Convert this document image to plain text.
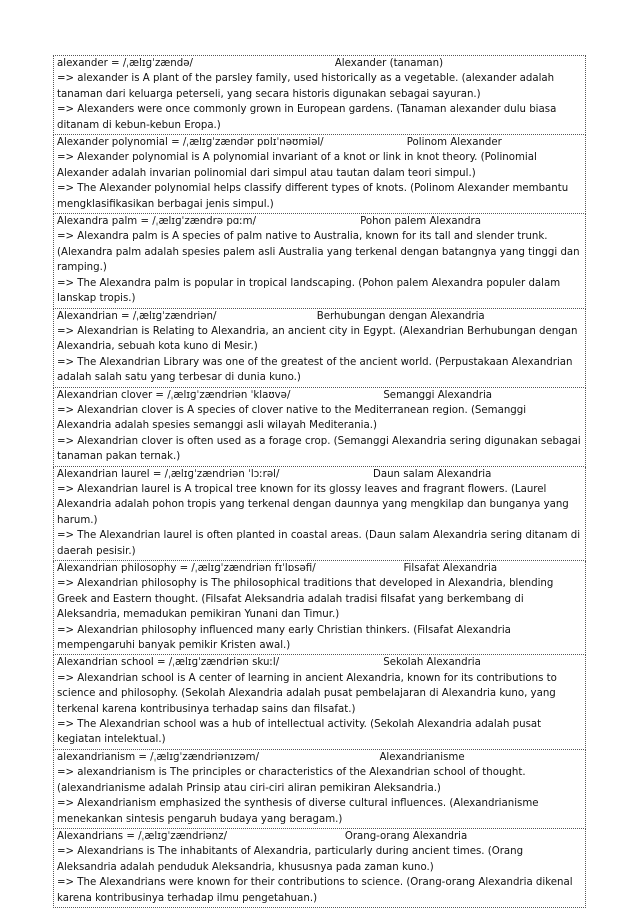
alexander = /ˌælɪɡˈzændə/	Alexander (tanaman)

=> alexander is A plant of the parsley family, used historically as a vegetable. (alexander adalah tanaman dari keluarga peterseli, yang secara historis digunakan sebagai sayuran.)

=> Alexanders were once commonly grown in European gardens. (Tanaman alexander dulu biasa ditanam di kebun-kebun Eropa.)

Alexander polynomial = /ˌælɪɡˈzændər pɒlɪˈnəʊmiəl/	Polinom Alexander

=> Alexander polynomial is A polynomial invariant of a knot or link in knot theory. (Polinomial Alexander adalah invarian polinomial dari simpul atau tautan dalam teori simpul.)

=> The Alexander polynomial helps classify different types of knots. (Polinom Alexander membantu mengklasifikasikan berbagai jenis simpul.)

Alexandra palm = /ˌælɪɡˈzændrə pɑːm/	Pohon palem Alexandra

=> Alexandra palm is A species of palm native to Australia, known for its tall and slender trunk. (Alexandra palm adalah spesies palem asli Australia yang terkenal dengan batangnya yang tinggi dan ramping.)

=> The Alexandra palm is popular in tropical landscaping. (Pohon palem Alexandra populer dalam lanskap tropis.)

Alexandrian = /ˌælɪɡˈzændriən/	Berhubungan dengan Alexandria

=> Alexandrian is Relating to Alexandria, an ancient city in Egypt. (Alexandrian Berhubungan dengan Alexandria, sebuah kota kuno di Mesir.)

=> The Alexandrian Library was one of the greatest of the ancient world. (Perpustakaan Alexandrian adalah salah satu yang terbesar di dunia kuno.)

Alexandrian clover = /ˌælɪɡˈzændriən ˈklaʊvə/	Semanggi Alexandria

=> Alexandrian clover is A species of clover native to the Mediterranean region. (Semanggi Alexandria adalah spesies semanggi asli wilayah Mediterania.)

=> Alexandrian clover is often used as a forage crop. (Semanggi Alexandria sering digunakan sebagai tanaman pakan ternak.)

Alexandrian laurel = /ˌælɪɡˈzændriən ˈlɔːrəl/	Daun salam Alexandria

=> Alexandrian laurel is A tropical tree known for its glossy leaves and fragrant flowers. (Laurel Alexandria adalah pohon tropis yang terkenal dengan daunnya yang mengkilap dan bunganya yang harum.)

=> The Alexandrian laurel is often planted in coastal areas. (Daun salam Alexandria sering ditanam di daerah pesisir.)

Alexandrian philosophy = /ˌælɪɡˈzændriən fɪˈlɒsəfi/	Filsafat Alexandria

=> Alexandrian philosophy is The philosophical traditions that developed in Alexandria, blending Greek and Eastern thought. (Filsafat Aleksandria adalah tradisi filsafat yang berkembang di Aleksandria, memadukan pemikiran Yunani dan Timur.)

=> Alexandrian philosophy influenced many early Christian thinkers. (Filsafat Alexandria mempengaruhi banyak pemikir Kristen awal.)

Alexandrian school = /ˌælɪɡˈzændriən skuːl/	Sekolah Alexandria

=> Alexandrian school is A center of learning in ancient Alexandria, known for its contributions to science and philosophy. (Sekolah Alexandria adalah pusat pembelajaran di Alexandria kuno, yang terkenal karena kontribusinya terhadap sains dan filsafat.)

=> The Alexandrian school was a hub of intellectual activity. (Sekolah Alexandria adalah pusat kegiatan intelektual.)

alexandrianism = /ˌælɪɡˈzændriənɪzəm/	Alexandrianisme

=> alexandrianism is The principles or characteristics of the Alexandrian school of thought. (alexandrianisme adalah Prinsip atau ciri-ciri aliran pemikiran Aleksandria.)

=> Alexandrianism emphasized the synthesis of diverse cultural influences. (Alexandrianisme menekankan sintesis pengaruh budaya yang beragam.)

Alexandrians = /ˌælɪɡˈzændriənz/	Orang-orang Alexandria

=> Alexandrians is The inhabitants of Alexandria, particularly during ancient times. (Orang Aleksandria adalah penduduk Aleksandria, khususnya pada zaman kuno.)

=> The Alexandrians were known for their contributions to science. (Orang-orang Alexandria dikenal karena kontribusinya terhadap ilmu pengetahuan.)
